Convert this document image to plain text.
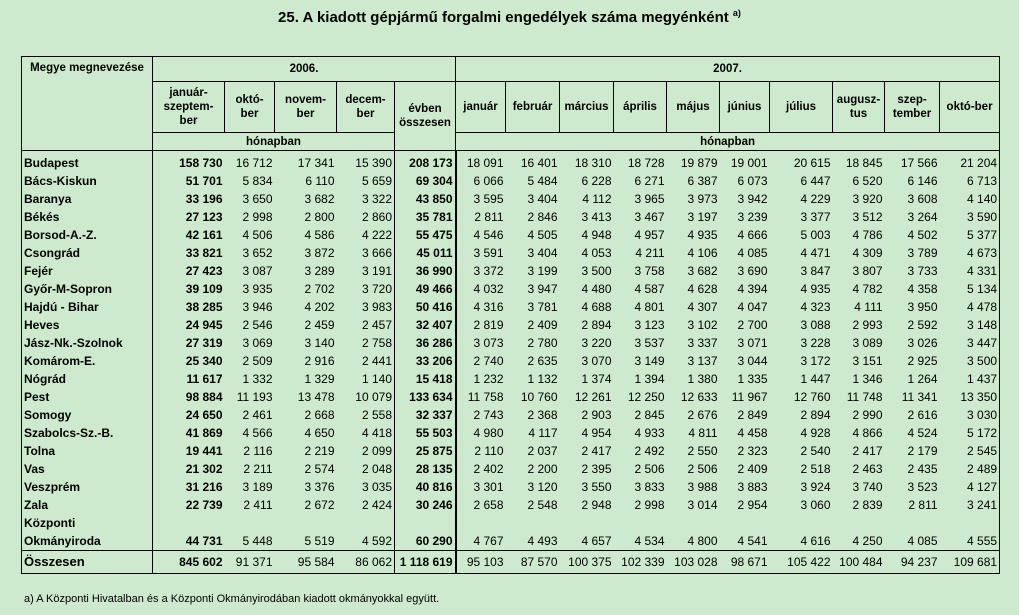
25. A kiadott gépjármű forgalmi engedélyek száma megyénként $^{a)}$
Megye megnevezése	2006.					2007.									
	január-szeptem-ber	októ-ber	novem-ber	decem-ber	évben összesen	január	február	március	április	május	június	július	augusz-tus	szep-tember	októ-ber
	hónapban					hónapban									
Budapest	158 730	16 712	17 341	15 390	208 173	18 091	16 401	18 310	18 728	19 879	19 001	20 615	18 845	17 566	21 204
Bács-Kiskun	51 701	5 834	6 110	5 659	69 304	6 066	5 484	6 228	6 271	6 387	6 073	6 447	6 520	6 146	6 713
Baranya	33 196	3 650	3 682	3 322	43 850	3 595	3 404	4 112	3 965	3 973	3 942	4 229	3 920	3 608	4 140
Békés	27 123	2 998	2 800	2 860	35 781	2 811	2 846	3 413	3 467	3 197	3 239	3 377	3 512	3 264	3 590
Borsod-A.-Z.	42 161	4 506	4 586	4 222	55 475	4 546	4 505	4 948	4 957	4 935	4 666	5 003	4 786	4 502	5 377
Csongrád	33 821	3 652	3 872	3 666	45 011	3 591	3 404	4 053	4 211	4 106	4 085	4 471	4 309	3 789	4 673
Fejér	27 423	3 087	3 289	3 191	36 990	3 372	3 199	3 500	3 758	3 682	3 690	3 847	3 807	3 733	4 331
Győr-M-Sopron	39 109	3 935	2 702	3 720	49 466	4 032	3 947	4 480	4 587	4 628	4 394	4 935	4 782	4 358	5 134
Hajdú - Bihar	38 285	3 946	4 202	3 983	50 416	4 316	3 781	4 688	4 801	4 307	4 047	4 323	4 111	3 950	4 478
Heves	24 945	2 546	2 459	2 457	32 407	2 819	2 409	2 894	3 123	3 102	2 700	3 088	2 993	2 592	3 148
Jász-Nk.-Szolnok	27 319	3 069	3 140	2 758	36 286	3 073	2 780	3 220	3 537	3 337	3 071	3 228	3 089	3 026	3 447
Komárom-E.	25 340	2 509	2 916	2 441	33 206	2 740	2 635	3 070	3 149	3 137	3 044	3 172	3 151	2 925	3 500
Nógrád	11 617	1 332	1 329	1 140	15 418	1 232	1 132	1 374	1 394	1 380	1 335	1 447	1 346	1 264	1 437
Pest	98 884	11 193	13 478	10 079	133 634	11 758	10 760	12 261	12 250	12 633	11 967	12 760	11 748	11 341	13 350
Somogy	24 650	2 461	2 668	2 558	32 337	2 743	2 368	2 903	2 845	2 676	2 849	2 894	2 990	2 616	3 030
Szabolcs-Sz.-B.	41 869	4 566	4 650	4 418	55 503	4 980	4 117	4 954	4 933	4 811	4 458	4 928	4 866	4 524	5 172
Tolna	19 441	2 116	2 219	2 099	25 875	2 110	2 037	2 417	2 492	2 550	2 323	2 540	2 417	2 179	2 545
Vas	21 302	2 211	2 574	2 048	28 135	2 402	2 200	2 395	2 506	2 506	2 409	2 518	2 463	2 435	2 489
Veszprém	31 216	3 189	3 376	3 035	40 816	3 301	3 120	3 550	3 833	3 988	3 883	3 924	3 740	3 523	4 127
Zala	22 739	2 411	2 672	2 424	30 246	2 658	2 548	2 948	2 998	3 014	2 954	3 060	2 839	2 811	3 241
Központi Okmányiroda	44 731	5 448	5 519	4 592	60 290	4 767	4 493	4 657	4 534	4 800	4 541	4 616	4 250	4 085	4 555
Összesen	845 602	91 371	95 584	86 062	1 118 619	95 103	87 570	100 375	102 339	103 028	98 671	105 422	100 484	94 237	109 681
a) A Központi Hivatalban és a Központi Okmányirodában kiadott okmányokkal együtt.
